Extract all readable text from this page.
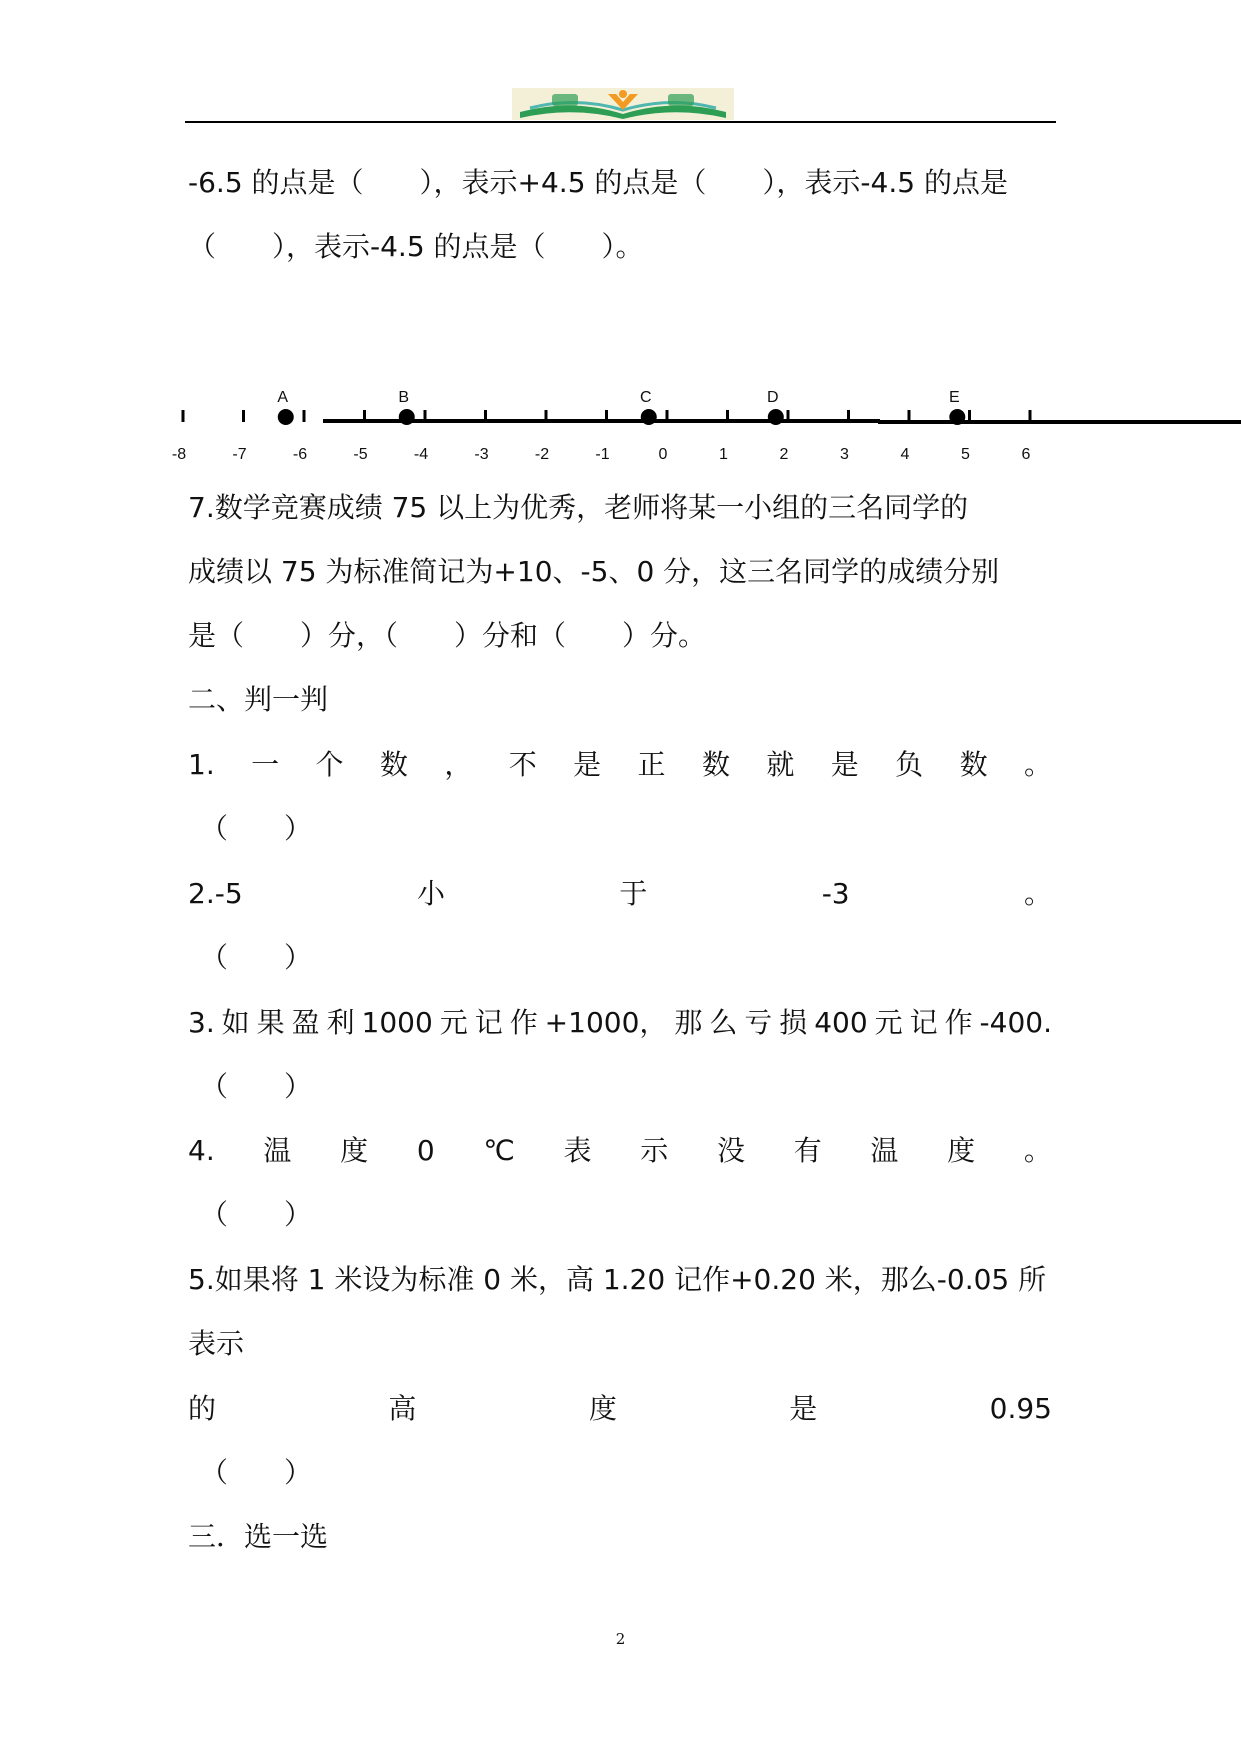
-6.5 的点是（　　），表示+4.5 的点是（　　），表示-4.5 的点是
（　　），表示-4.5 的点是（　　）。
-8	-7	-6	-5	-4	-3	-2	-1	0	1	2	3	4	5	6
A	B	C	D	E
7.数学竞赛成绩 75 以上为优秀，老师将某一小组的三名同学的
成绩以 75 为标准简记为+10、-5、0 分，这三名同学的成绩分别
是（　　）分，（　　）分和（　　）分。
二、判一判
1. 一 个 数 ， 不 是 正 数 就 是 负 数 。
（　　）
2.-5	小	于	-3	。
（　　）
3. 如 果 盈 利 1000 元 记 作 +1000， 那 么 亏 损 400 元 记 作 -400.
（　　）
4. 温 度 0 ℃ 表 示 没 有 温 度 。
（　　）
5.如果将 1 米设为标准 0 米，高 1.20 记作+0.20 米，那么-0.05 所
表示
的	高	度	是	0.95
（　　）
三．选一选
2
